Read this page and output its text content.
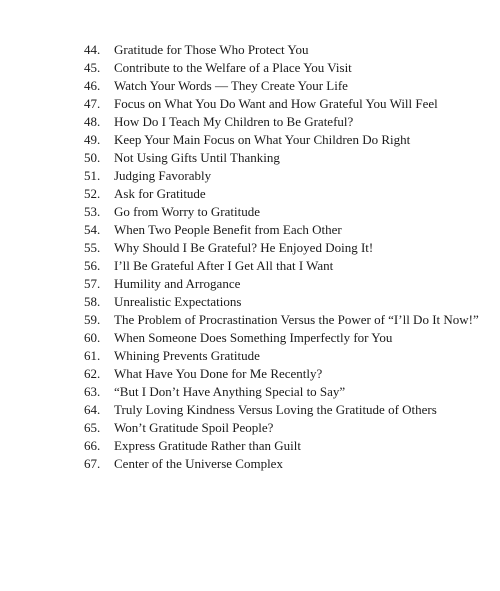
44.	Gratitude for Those Who Protect You
45.	Contribute to the Welfare of a Place You Visit
46.	Watch Your Words — They Create Your Life
47.	Focus on What You Do Want and How Grateful You Will Feel
48.	How Do I Teach My Children to Be Grateful?
49.	Keep Your Main Focus on What Your Children Do Right
50.	Not Using Gifts Until Thanking
51.	Judging Favorably
52.	Ask for Gratitude
53.	Go from Worry to Gratitude
54.	When Two People Benefit from Each Other
55.	Why Should I Be Grateful? He Enjoyed Doing It!
56.	I’ll Be Grateful After I Get All that I Want
57.	Humility and Arrogance
58.	Unrealistic Expectations
59.	The Problem of Procrastination Versus the Power of “I’ll Do It Now!”
60.	When Someone Does Something Imperfectly for You
61.	Whining Prevents Gratitude
62.	What Have You Done for Me Recently?
63.	“But I Don’t Have Anything Special to Say”
64.	Truly Loving Kindness Versus Loving the Gratitude of Others
65.	Won’t Gratitude Spoil People?
66.	Express Gratitude Rather than Guilt
67.	Center of the Universe Complex
